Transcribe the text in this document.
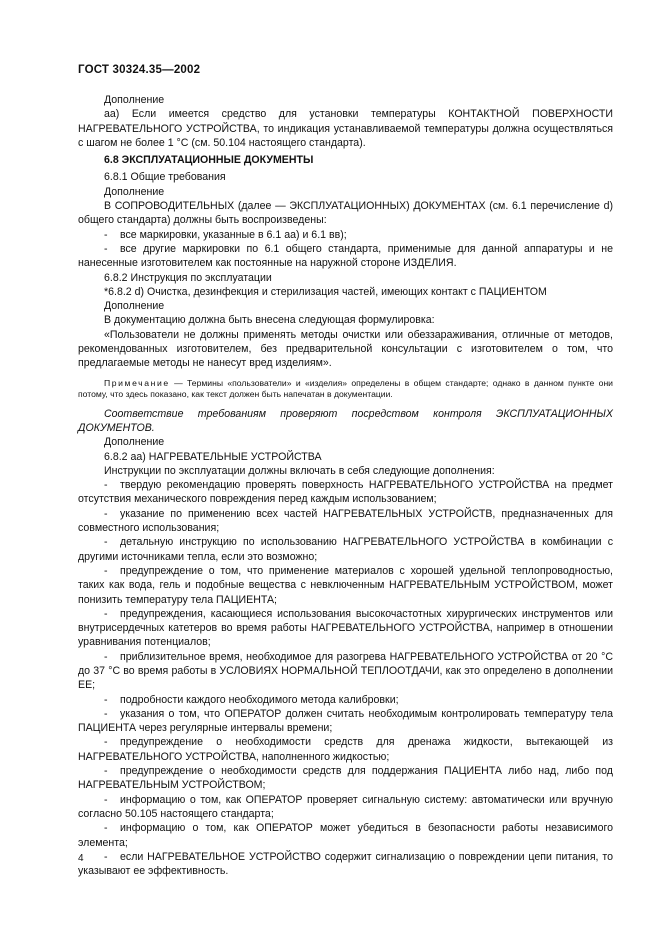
ГОСТ 30324.35—2002

Дополнение

аа) Если имеется средство для установки температуры КОНТАКТНОЙ ПОВЕРХНОСТИ НАГРЕВАТЕЛЬНОГО УСТРОЙСТВА, то индикация устанавливаемой температуры должна осуществляться с шагом не более 1 °С (см. 50.104 настоящего стандарта).

6.8 ЭКСПЛУАТАЦИОННЫЕ ДОКУМЕНТЫ

6.8.1 Общие требования

Дополнение

В СОПРОВОДИТЕЛЬНЫХ (далее — ЭКСПЛУАТАЦИОННЫХ) ДОКУМЕНТАХ (см. 6.1 перечисление d) общего стандарта) должны быть воспроизведены:

- все маркировки, указанные в 6.1 аа) и 6.1 вв);

- все другие маркировки по 6.1 общего стандарта, применимые для данной аппаратуры и не нанесенные изготовителем как постоянные на наружной стороне ИЗДЕЛИЯ.

6.8.2 Инструкция по эксплуатации

*6.8.2 d) Очистка, дезинфекция и стерилизация частей, имеющих контакт с ПАЦИЕНТОМ

Дополнение

В документацию должна быть внесена следующая формулировка:

«Пользователи не должны применять методы очистки или обеззараживания, отличные от методов, рекомендованных изготовителем, без предварительной консультации с изготовителем о том, что предлагаемые методы не нанесут вред изделиям».

Примечание — Термины «пользователи» и «изделия» определены в общем стандарте; однако в данном пункте они потому, что здесь показано, как текст должен быть напечатан в документации.

Соответствие требованиям проверяют посредством контроля ЭКСПЛУАТАЦИОННЫХ ДОКУМЕНТОВ.

Дополнение

6.8.2 аа) НАГРЕВАТЕЛЬНЫЕ УСТРОЙСТВА

Инструкции по эксплуатации должны включать в себя следующие дополнения:

- твердую рекомендацию проверять поверхность НАГРЕВАТЕЛЬНОГО УСТРОЙСТВА на предмет отсутствия механического повреждения перед каждым использованием;

- указание по применению всех частей НАГРЕВАТЕЛЬНЫХ УСТРОЙСТВ, предназначенных для совместного использования;

- детальную инструкцию по использованию НАГРЕВАТЕЛЬНОГО УСТРОЙСТВА в комбинации с другими источниками тепла, если это возможно;

- предупреждение о том, что применение материалов с хорошей удельной теплопроводностью, таких как вода, гель и подобные вещества с невключенным НАГРЕВАТЕЛЬНЫМ УСТРОЙСТВОМ, может понизить температуру тела ПАЦИЕНТА;

- предупреждения, касающиеся использования высокочастотных хирургических инструментов или внутрисердечных катетеров во время работы НАГРЕВАТЕЛЬНОГО УСТРОЙСТВА, например в отношении уравнивания потенциалов;

- приблизительное время, необходимое для разогрева НАГРЕВАТЕЛЬНОГО УСТРОЙСТВА от 20 °С до 37 °С во время работы в УСЛОВИЯХ НОРМАЛЬНОЙ ТЕПЛООТДАЧИ, как это определено в дополнении ЕЕ;

- подробности каждого необходимого метода калибровки;

- указания о том, что ОПЕРАТОР должен считать необходимым контролировать температуру тела ПАЦИЕНТА через регулярные интервалы времени;

- предупреждение о необходимости средств для дренажа жидкости, вытекающей из НАГРЕВАТЕЛЬНОГО УСТРОЙСТВА, наполненного жидкостью;

- предупреждение о необходимости средств для поддержания ПАЦИЕНТА либо над, либо под НАГРЕВАТЕЛЬНЫМ УСТРОЙСТВОМ;

- информацию о том, как ОПЕРАТОР проверяет сигнальную систему: автоматически или вручную согласно 50.105 настоящего стандарта;

- информацию о том, как ОПЕРАТОР может убедиться в безопасности работы независимого элемента;

- если НАГРЕВАТЕЛЬНОЕ УСТРОЙСТВО содержит сигнализацию о повреждении цепи питания, то указывают ее эффективность.

4
